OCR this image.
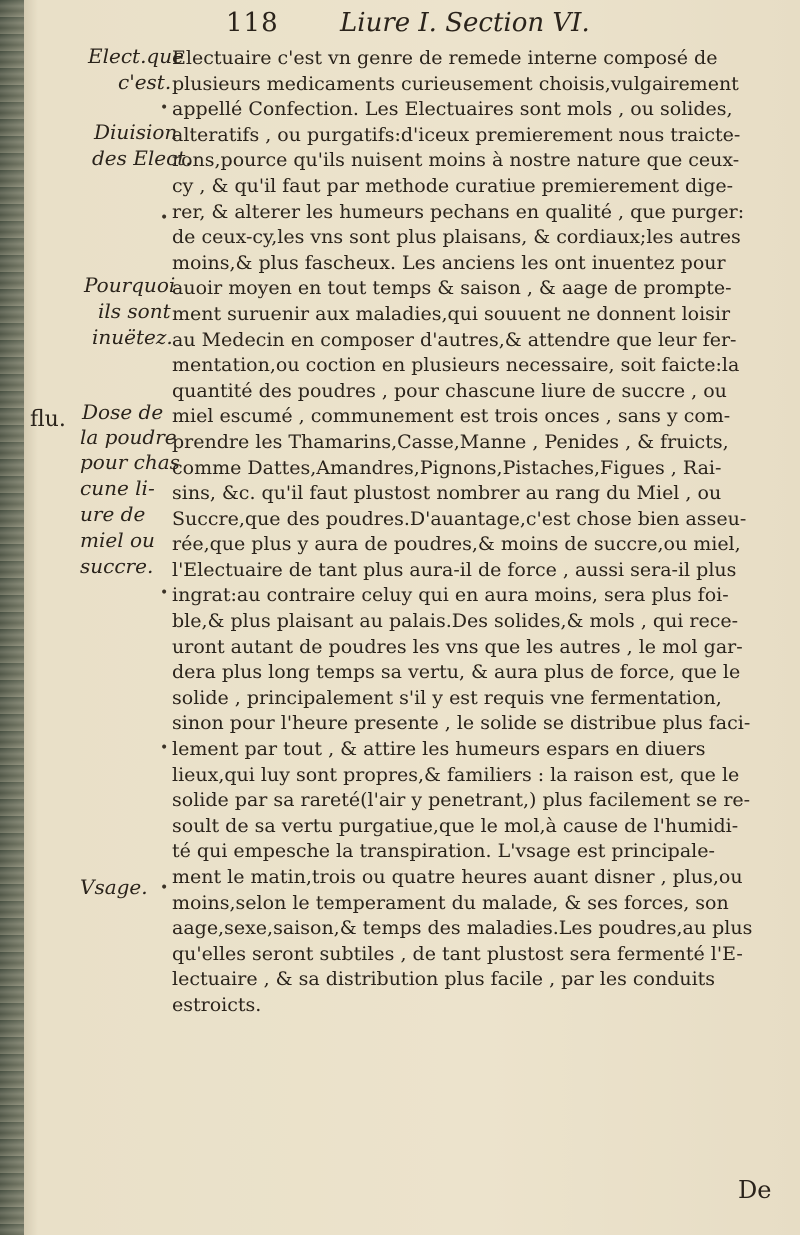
118 Liure I. Section VI.
Elect.que
c'est.
Diuision
des Elect.
Pourquoi
ils sont
inuëtez.
Dose de
la poudre
pour chas
cune li-
ure de
miel ou
succre.
Vsage.
flu.
Electuaire c'est vn genre de remede interne composé de
plusieurs medicaments curieusement choisis,vulgairement
appellé Confection. Les Electuaires sont mols , ou solides,
alteratifs , ou purgatifs:d'iceux premierement nous traicte-
rons,pource qu'ils nuisent moins à nostre nature que ceux-
cy , & qu'il faut par methode curatiue premierement dige-
rer, & alterer les humeurs pechans en qualité , que purger:
de ceux-cy,les vns sont plus plaisans, & cordiaux;les autres
moins,& plus fascheux. Les anciens les ont inuentez pour
auoir moyen en tout temps & saison , & aage de prompte-
ment suruenir aux maladies,qui souuent ne donnent loisir
au Medecin en composer d'autres,& attendre que leur fer-
mentation,ou coction en plusieurs necessaire, soit faicte:la
quantité des poudres , pour chascune liure de succre , ou
miel escumé , communement est trois onces , sans y com-
prendre les Thamarins,Casse,Manne , Penides , & fruicts,
comme Dattes,Amandres,Pignons,Pistaches,Figues , Rai-
sins, &c. qu'il faut plustost nombrer au rang du Miel , ou
Succre,que des poudres.D'auantage,c'est chose bien asseu-
rée,que plus y aura de poudres,& moins de succre,ou miel,
l'Electuaire de tant plus aura-il de force , aussi sera-il plus
ingrat:au contraire celuy qui en aura moins, sera plus foi-
ble,& plus plaisant au palais.Des solides,& mols , qui rece-
uront autant de poudres les vns que les autres , le mol gar-
dera plus long temps sa vertu, & aura plus de force, que le
solide , principalement s'il y est requis vne fermentation,
sinon pour l'heure presente , le solide se distribue plus faci-
lement par tout , & attire les humeurs espars en diuers
lieux,qui luy sont propres,& familiers : la raison est, que le
solide par sa rareté(l'air y penetrant,) plus facilement se re-
soult de sa vertu purgatiue,que le mol,à cause de l'humidi-
té qui empesche la transpiration. L'vsage est principale-
ment le matin,trois ou quatre heures auant disner , plus,ou
moins,selon le temperament du malade, & ses forces, son
aage,sexe,saison,& temps des maladies.Les poudres,au plus
qu'elles seront subtiles , de tant plustost sera fermenté l'E-
lectuaire , & sa distribution plus facile , par les conduits
estroicts.
De
•
•
•
•
•
